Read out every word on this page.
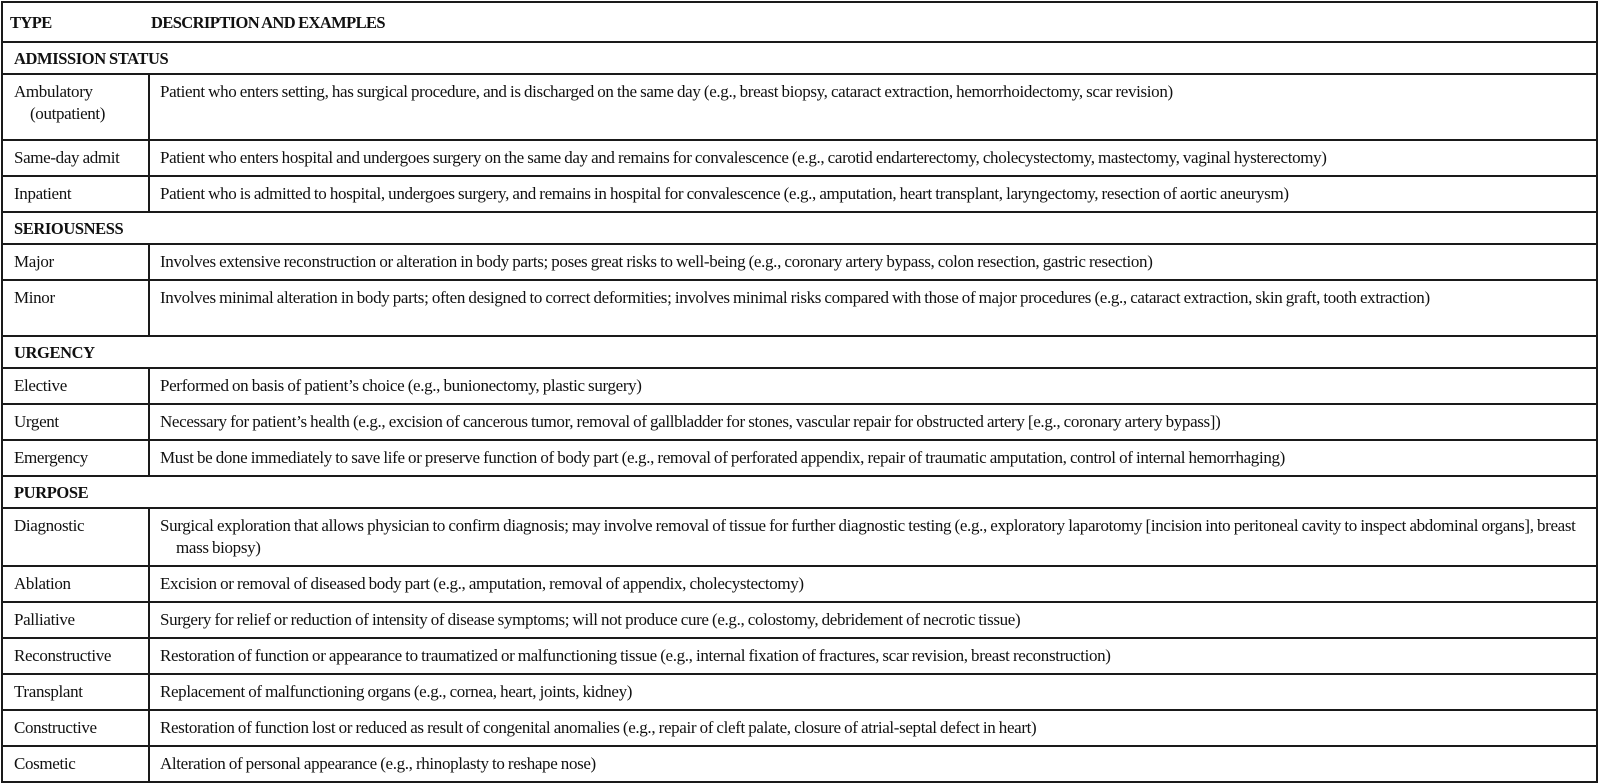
TYPE	DESCRIPTION AND EXAMPLES

ADMISSION STATUS	

Ambulatory
(outpatient)	Patient who enters setting, has surgical procedure, and is discharged on the same day (e.g., breast biopsy, cataract extraction, hemorrhoidectomy, scar revision)

Same-day admit	Patient who enters hospital and undergoes surgery on the same day and remains for convalescence (e.g., carotid endarterectomy, cholecystectomy, mastectomy, vaginal hysterectomy)

Inpatient	Patient who is admitted to hospital, undergoes surgery, and remains in hospital for convalescence (e.g., amputation, heart transplant, laryngectomy, resection of aortic aneurysm)

SERIOUSNESS	

Major	Involves extensive reconstruction or alteration in body parts; poses great risks to well-being (e.g., coronary artery bypass, colon resection, gastric resection)

Minor	Involves minimal alteration in body parts; often designed to correct deformities; involves minimal risks compared with those of major procedures (e.g., cataract extraction, skin graft, tooth extraction)

URGENCY	

Elective	Performed on basis of patient’s choice (e.g., bunionectomy, plastic surgery)

Urgent	Necessary for patient’s health (e.g., excision of cancerous tumor, removal of gallbladder for stones, vascular repair for obstructed artery [e.g., coronary artery bypass])

Emergency	Must be done immediately to save life or preserve function of body part (e.g., removal of perforated appendix, repair of traumatic amputation, control of internal hemorrhaging)

PURPOSE	

Diagnostic	Surgical exploration that allows physician to confirm diagnosis; may involve removal of tissue for further diagnostic testing (e.g., exploratory laparotomy [incision into peritoneal cavity to inspect abdominal organs], breast mass biopsy)

Ablation	Excision or removal of diseased body part (e.g., amputation, removal of appendix, cholecystectomy)

Palliative	Surgery for relief or reduction of intensity of disease symptoms; will not produce cure (e.g., colostomy, debridement of necrotic tissue)

Reconstructive	Restoration of function or appearance to traumatized or malfunctioning tissue (e.g., internal fixation of fractures, scar revision, breast reconstruction)

Transplant	Replacement of malfunctioning organs (e.g., cornea, heart, joints, kidney)

Constructive	Restoration of function lost or reduced as result of congenital anomalies (e.g., repair of cleft palate, closure of atrial-septal defect in heart)

Cosmetic	Alteration of personal appearance (e.g., rhinoplasty to reshape nose)
